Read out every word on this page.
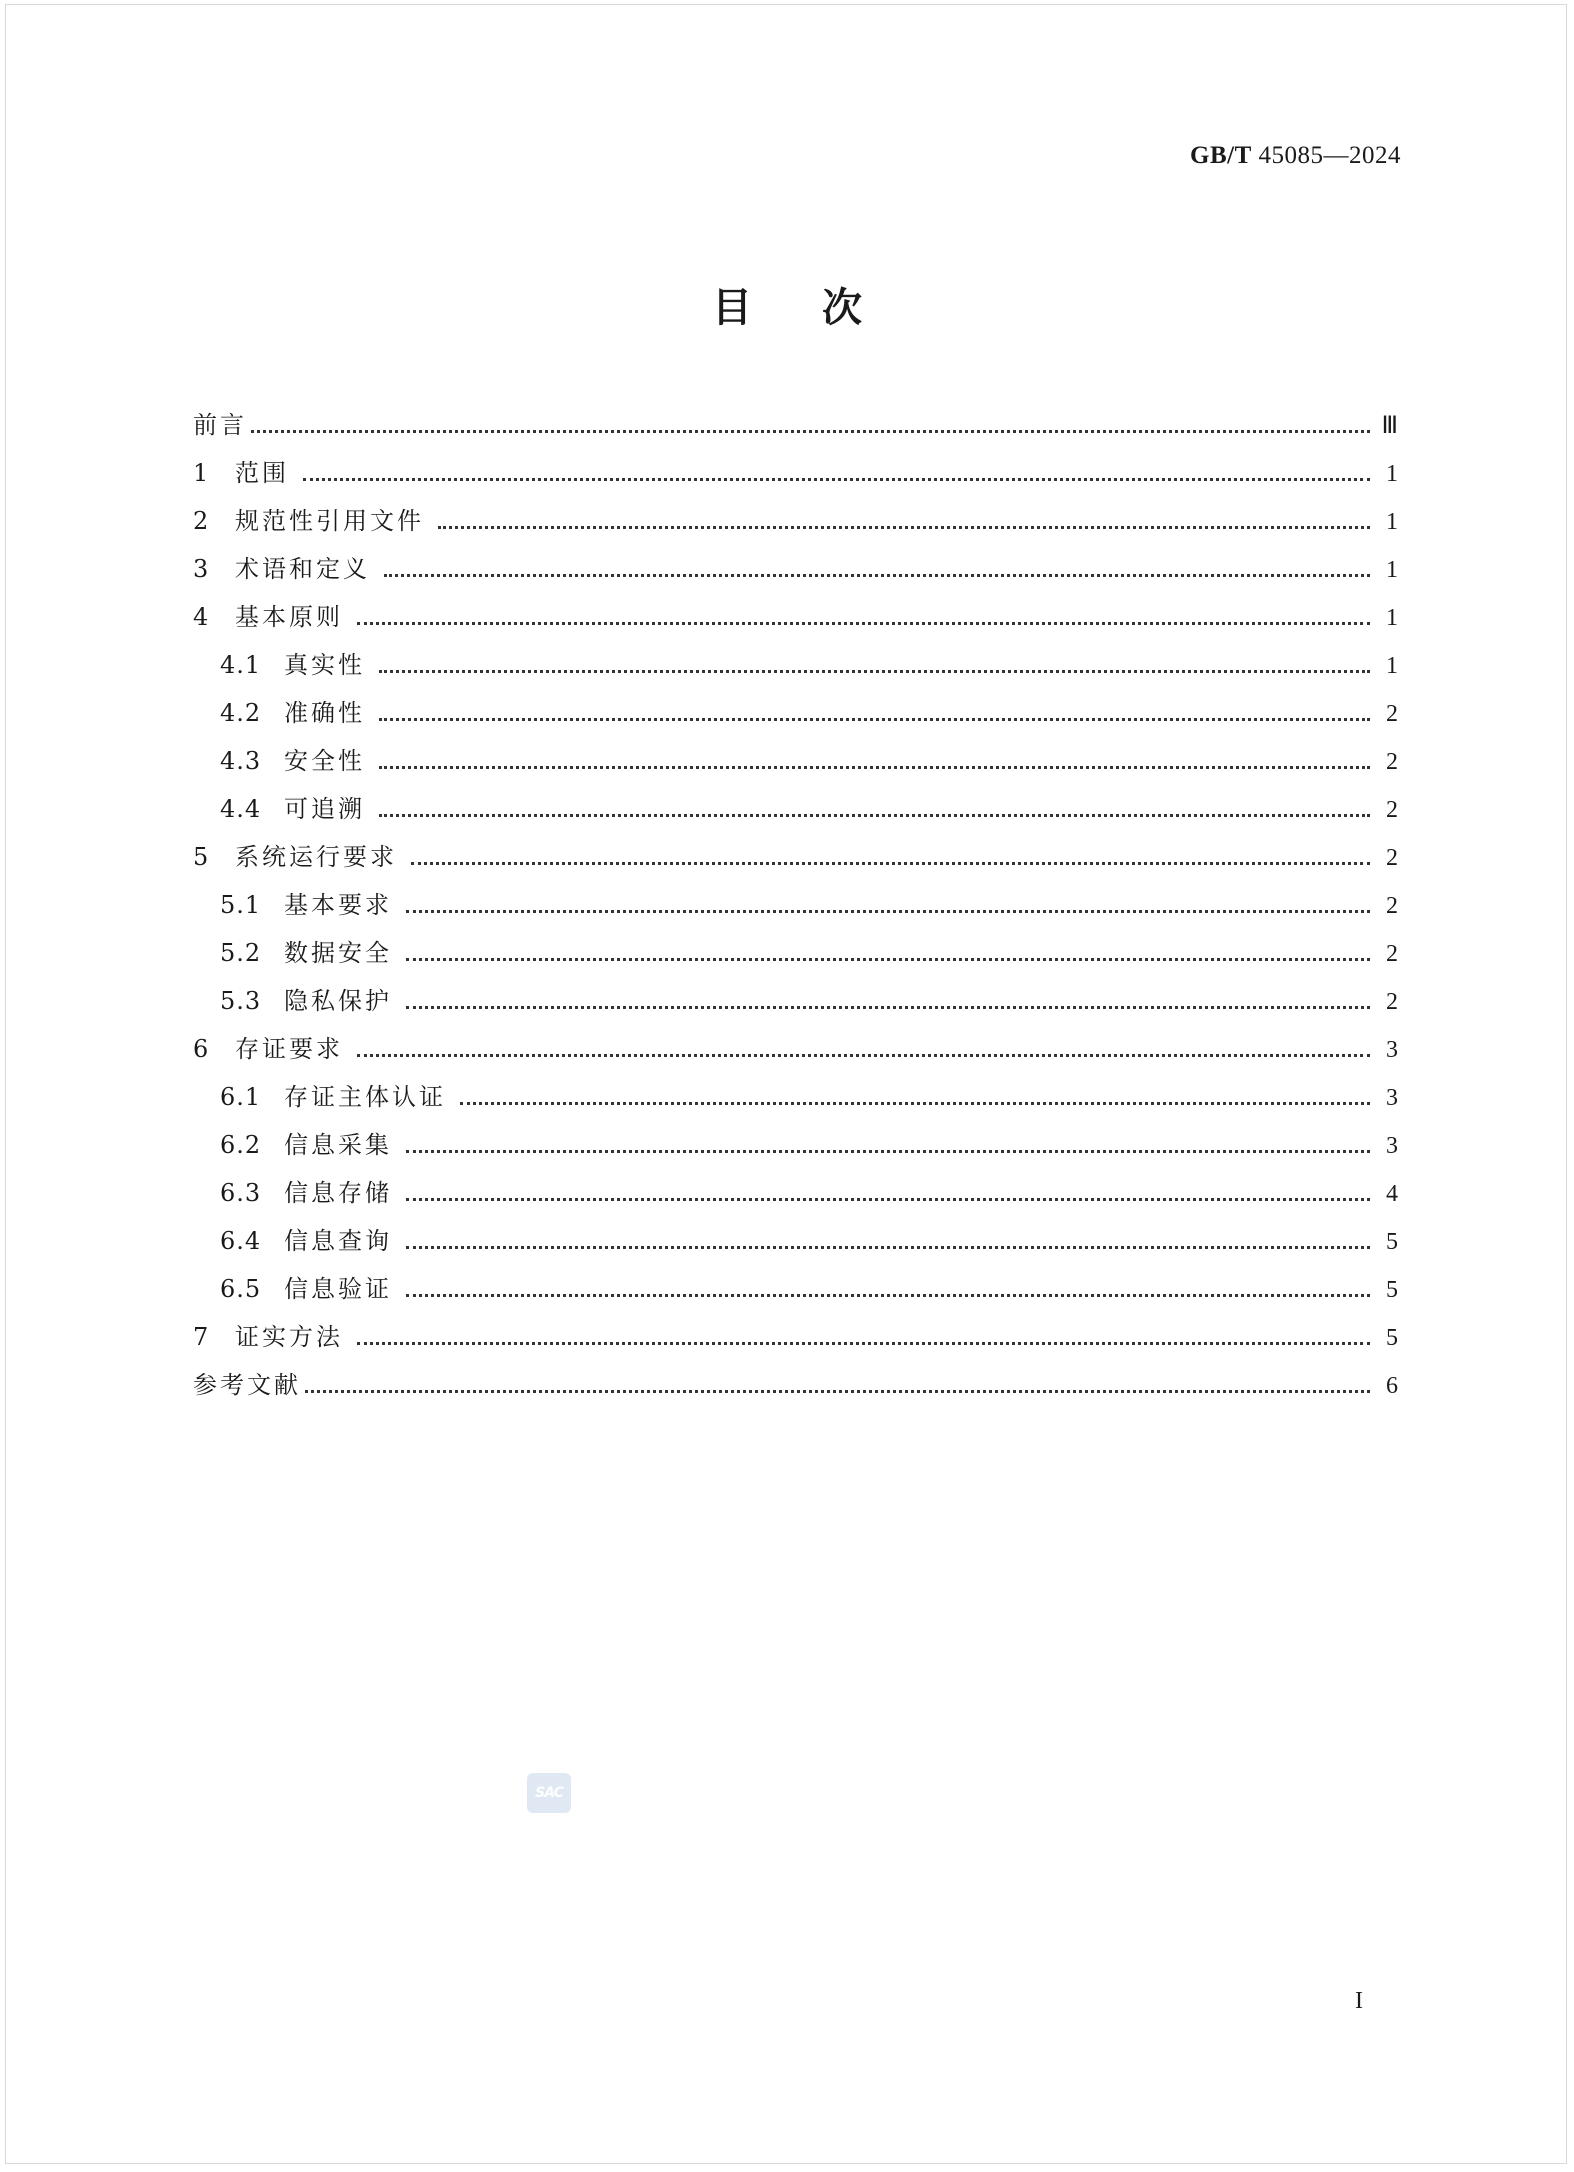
GB/T 45085—2024
目次
前言	Ⅲ
1	范围	1
2	规范性引用文件	1
3	术语和定义	1
4	基本原则	1
4.1 真实性	1
4.2 准确性	2
4.3 安全性	2
4.4 可追溯	2
5	系统运行要求	2
5.1 基本要求	2
5.2 数据安全	2
5.3 隐私保护	2
6	存证要求	3
6.1 存证主体认证	3
6.2 信息采集	3
6.3 信息存储	4
6.4 信息查询	5
6.5 信息验证	5
7	证实方法	5
参考文献	6
SAC
I
